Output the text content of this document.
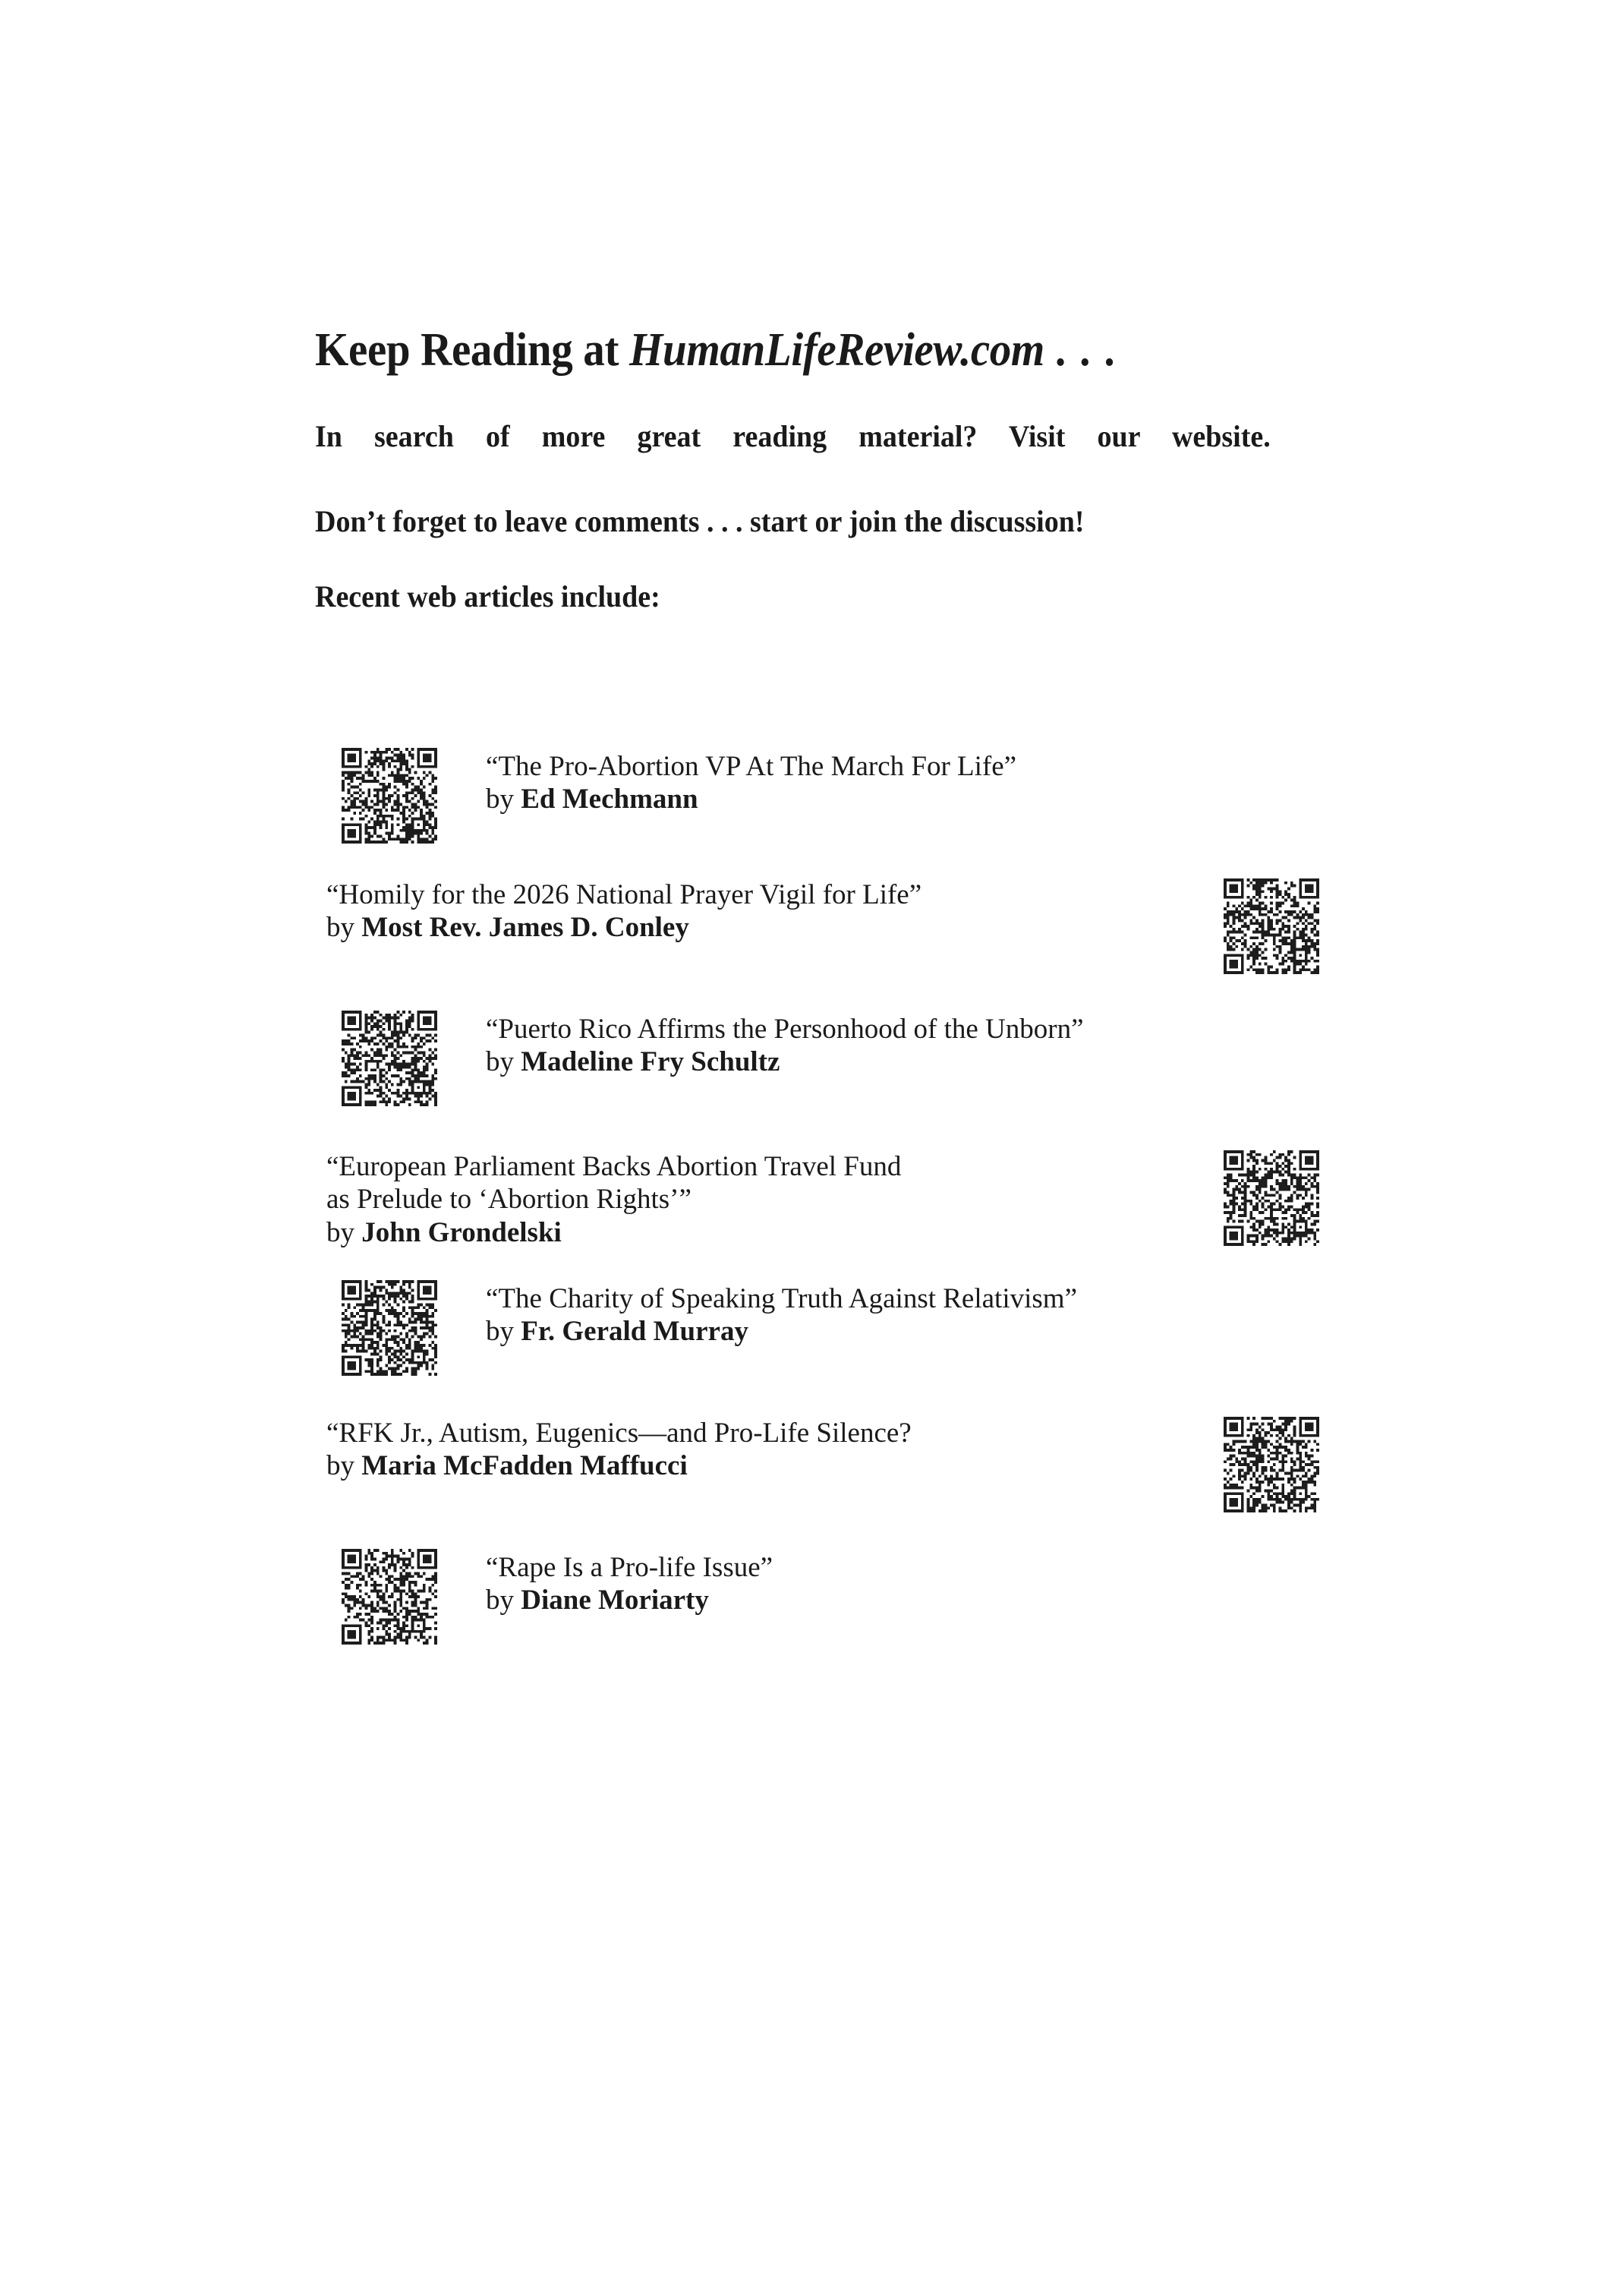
Keep Reading at HumanLifeReview.com . . .
In search of more great reading material? Visit our website.
Don’t forget to leave comments . . . start or join the discussion!
Recent web articles include:
“The Pro-Abortion VP At The March For Life”
by Ed Mechmann
“Homily for the 2026 National Prayer Vigil for Life”
by Most Rev. James D. Conley
“Puerto Rico Affirms the Personhood of the Unborn”
by Madeline Fry Schultz
“European Parliament Backs Abortion Travel Fund
as Prelude to ‘Abortion Rights’”
by John Grondelski
“The Charity of Speaking Truth Against Relativism”
by Fr. Gerald Murray
“RFK Jr., Autism, Eugenics—and Pro-Life Silence?
by Maria McFadden Maffucci
“Rape Is a Pro-life Issue”
by Diane Moriarty
